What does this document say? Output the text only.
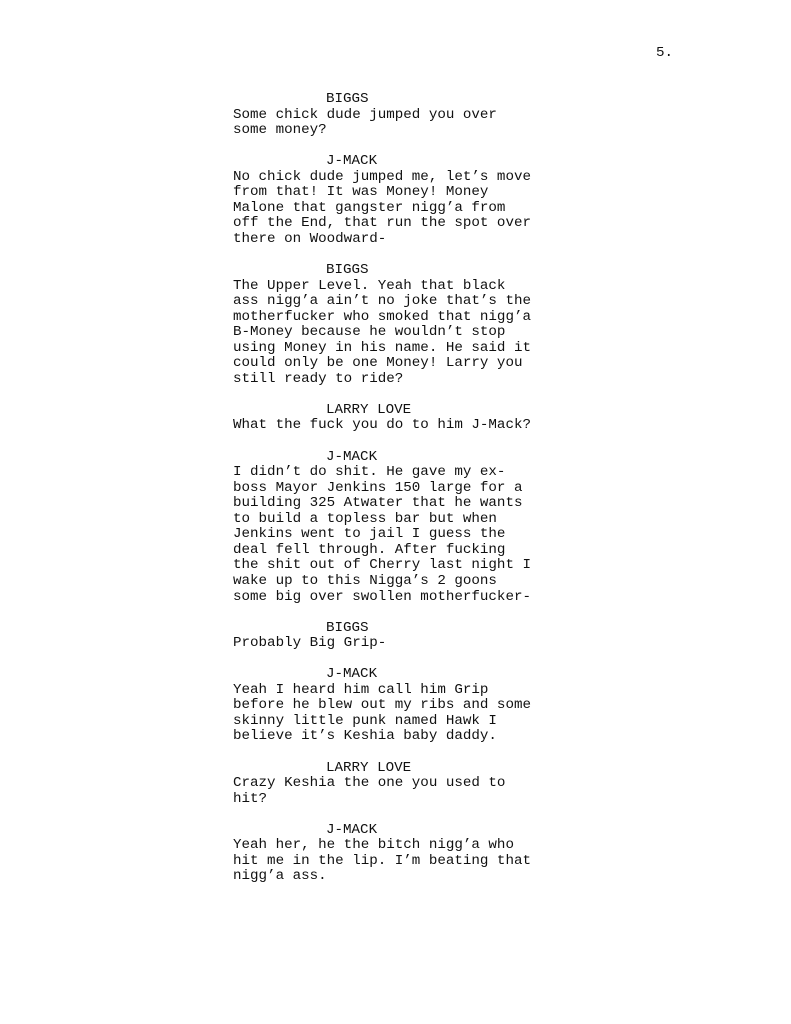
5.
BIGGS
Some chick dude jumped you over
some money?
J-MACK
No chick dude jumped me, let’s move
from that! It was Money! Money
Malone that gangster nigg’a from
off the End, that run the spot over
there on Woodward-
BIGGS
The Upper Level. Yeah that black
ass nigg’a ain’t no joke that’s the
motherfucker who smoked that nigg’a
B-Money because he wouldn’t stop
using Money in his name. He said it
could only be one Money! Larry you
still ready to ride?
LARRY LOVE
What the fuck you do to him J-Mack?
J-MACK
I didn’t do shit. He gave my ex-
boss Mayor Jenkins 150 large for a
building 325 Atwater that he wants
to build a topless bar but when
Jenkins went to jail I guess the
deal fell through. After fucking
the shit out of Cherry last night I
wake up to this Nigga’s 2 goons
some big over swollen motherfucker-
BIGGS
Probably Big Grip-
J-MACK
Yeah I heard him call him Grip
before he blew out my ribs and some
skinny little punk named Hawk I
believe it’s Keshia baby daddy.
LARRY LOVE
Crazy Keshia the one you used to
hit?
J-MACK
Yeah her, he the bitch nigg’a who
hit me in the lip. I’m beating that
nigg’a ass.
